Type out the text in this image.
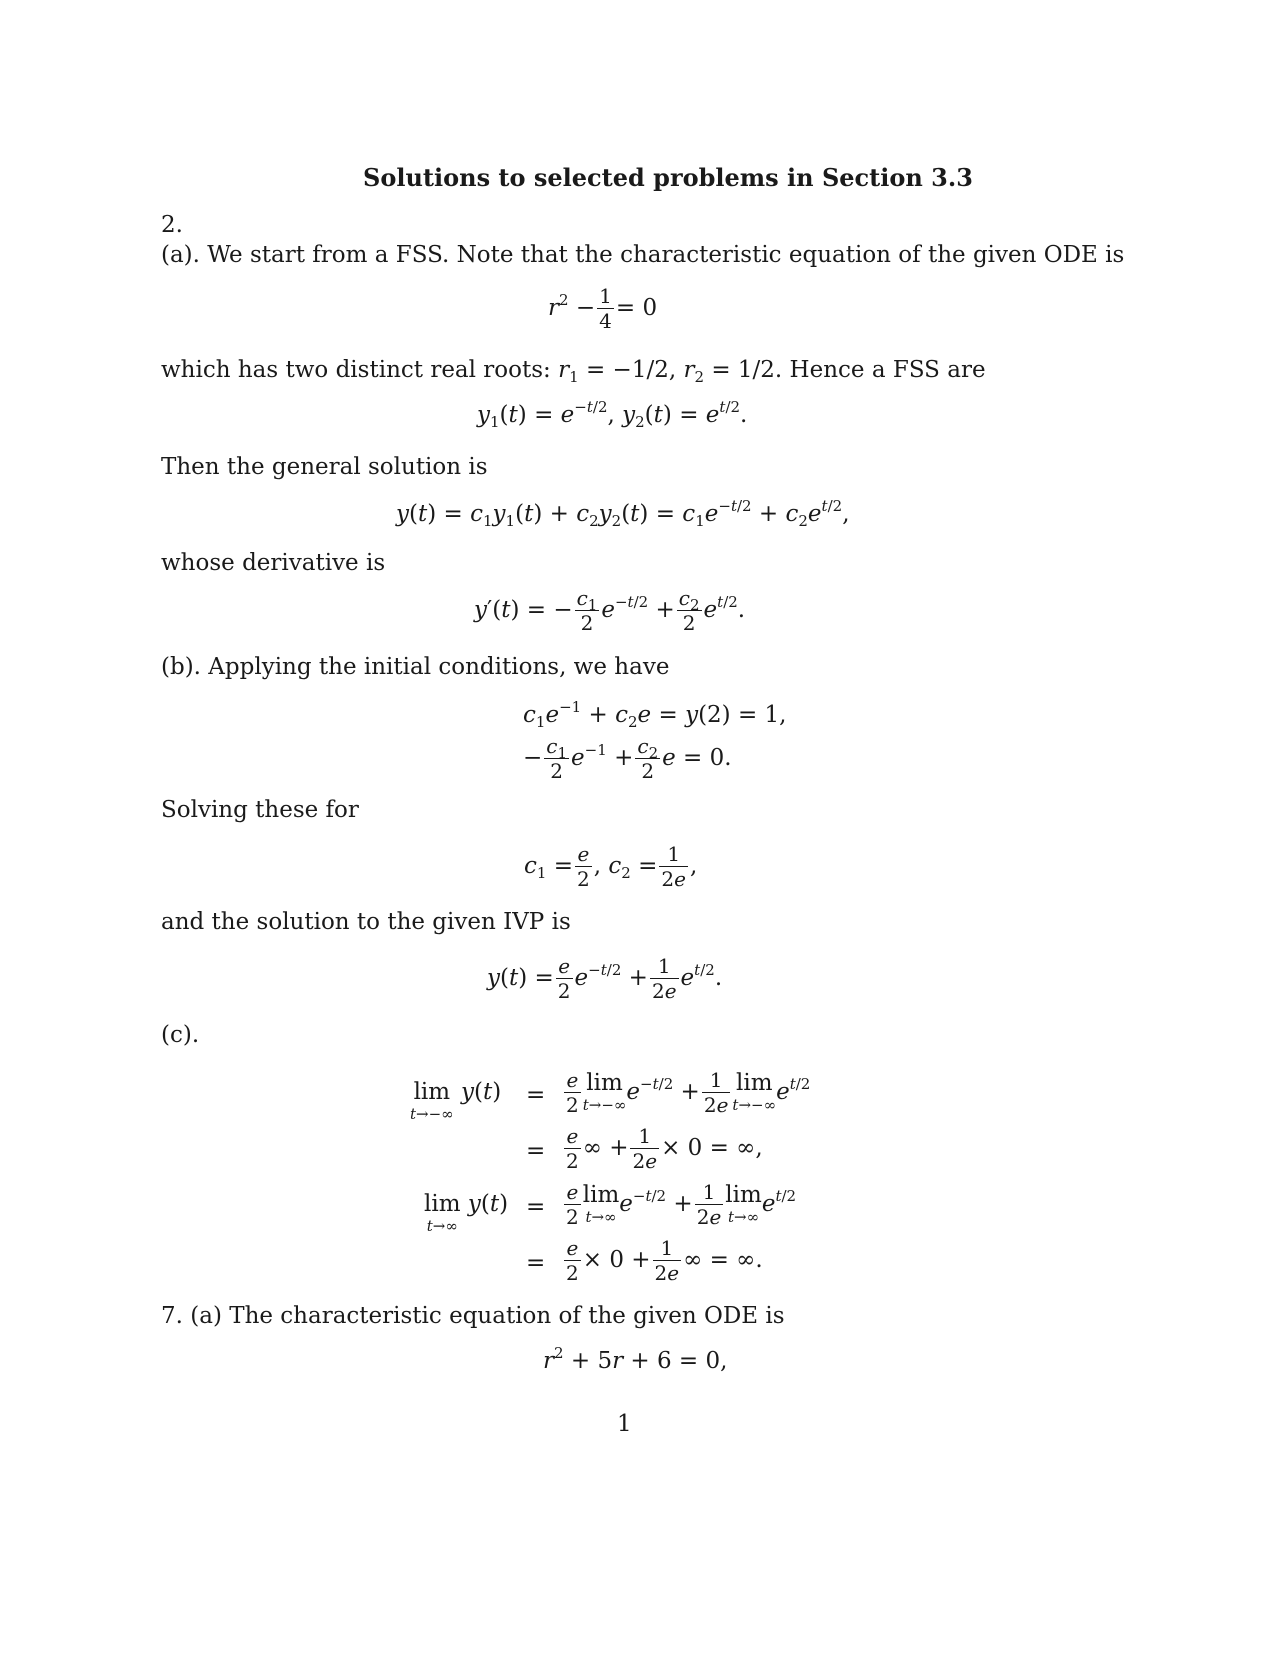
Solutions to selected problems in Section 3.3
2.
(a). We start from a FSS. Note that the characteristic equation of the given ODE is
$r^2 - \frac{1}{4} = 0$
which has two distinct real roots: $r_1 = -1/2$, $r_2 = 1/2$. Hence a FSS are
$y_1(t) = e^{-t/2}$, $y_2(t) = e^{t/2}$.
Then the general solution is
$y(t) = c_1y_1(t) + c_2y_2(t) = c_1e^{-t/2} + c_2e^{t/2}$,
whose derivative is
y′(t) = − $\frac{c_1}{2} e^{-t/2} + \frac{c_2}{2} e^{t/2}$.
(b). Applying the initial conditions, we have
$c_1e^{-1} + c_2e = y(2) = 1$,
− $\frac{c_1}{2} e^{-1} + \frac{c_2}{2}$ e = 0.
Solving these for
$c_1 = \frac{e}{2}$ , $c_2 = \frac{1}{2e}$ ,
and the solution to the given IVP is
$y(t) = \frac{e}{2} e^{-t/2} + \frac{1}{2e} e^{t/2}$.
(c).
lim
t→−∞
$y(t) = \frac{e}{2}$ lim
t→−∞ $e^{-t/2} + \frac{1}{2e}$ lim
t→−∞ $e^{t/2}$
= $\frac{e}{2}$ ∞ + $\frac{1}{2e} \times 0$ = ∞,
lim
t→∞
$y(t) = \frac{e}{2}$ lim
t→∞ $e^{-t/2} + \frac{1}{2e}$ lim
t→∞ $e^{t/2}$
= $\frac{e}{2} \times 0 + \frac{1}{2e}$ ∞ = ∞.
7. (a) The characteristic equation of the given ODE is
$r^2 + 5r + 6 = 0$,
1
